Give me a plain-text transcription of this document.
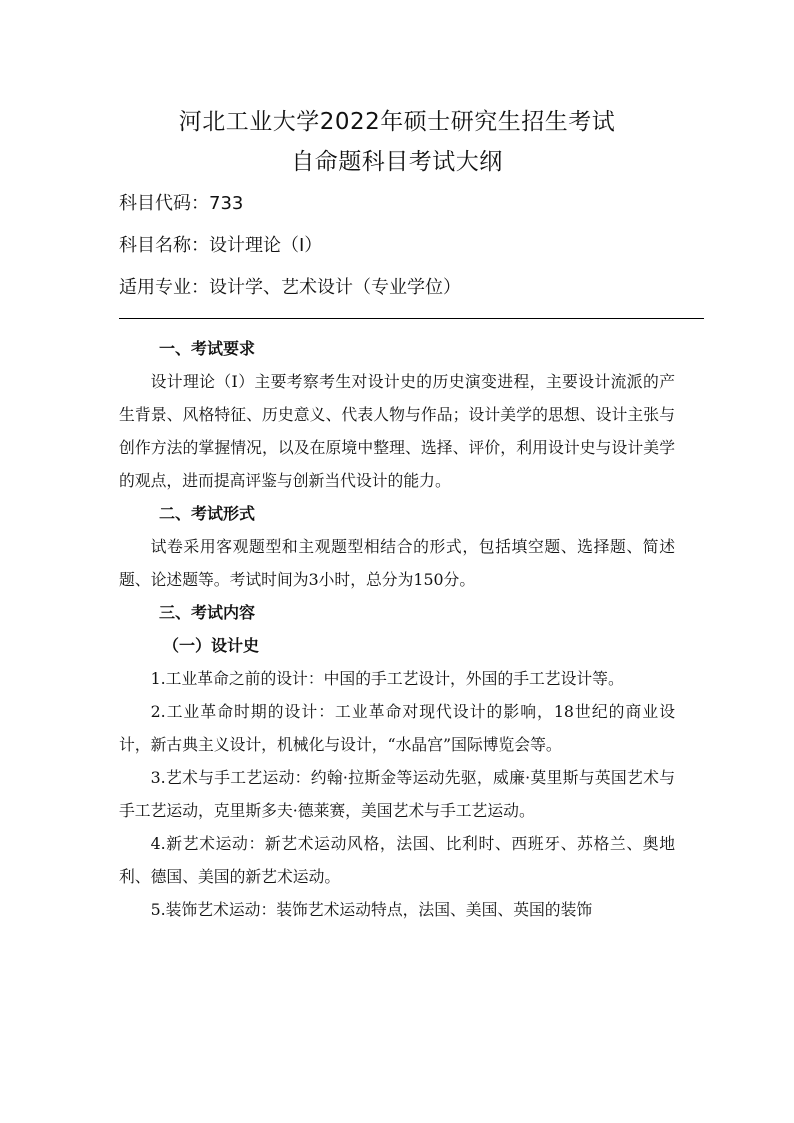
河北工业大学2022年硕士研究生招生考试
自命题科目考试大纲

科目代码：733

科目名称：设计理论（Ⅰ）

适用专业：设计学、艺术设计（专业学位）

一、考试要求

设计理论（Ⅰ）主要考察考生对设计史的历史演变进程，主要设计流派的产生背景、风格特征、历史意义、代表人物与作品；设计美学的思想、设计主张与创作方法的掌握情况，以及在原境中整理、选择、评价，利用设计史与设计美学的观点，进而提高评鉴与创新当代设计的能力。

二、考试形式

试卷采用客观题型和主观题型相结合的形式，包括填空题、选择题、简述题、论述题等。考试时间为3小时，总分为150分。

三、考试内容
（一）设计史

1.工业革命之前的设计：中国的手工艺设计，外国的手工艺设计等。

2.工业革命时期的设计：工业革命对现代设计的影响，18世纪的商业设计，新古典主义设计，机械化与设计，“水晶宫”国际博览会等。

3.艺术与手工艺运动：约翰·拉斯金等运动先驱，威廉·莫里斯与英国艺术与手工艺运动，克里斯多夫·德莱赛，美国艺术与手工艺运动。

4.新艺术运动：新艺术运动风格，法国、比利时、西班牙、苏格兰、奥地利、德国、美国的新艺术运动。

5.装饰艺术运动：装饰艺术运动特点，法国、美国、英国的装饰
